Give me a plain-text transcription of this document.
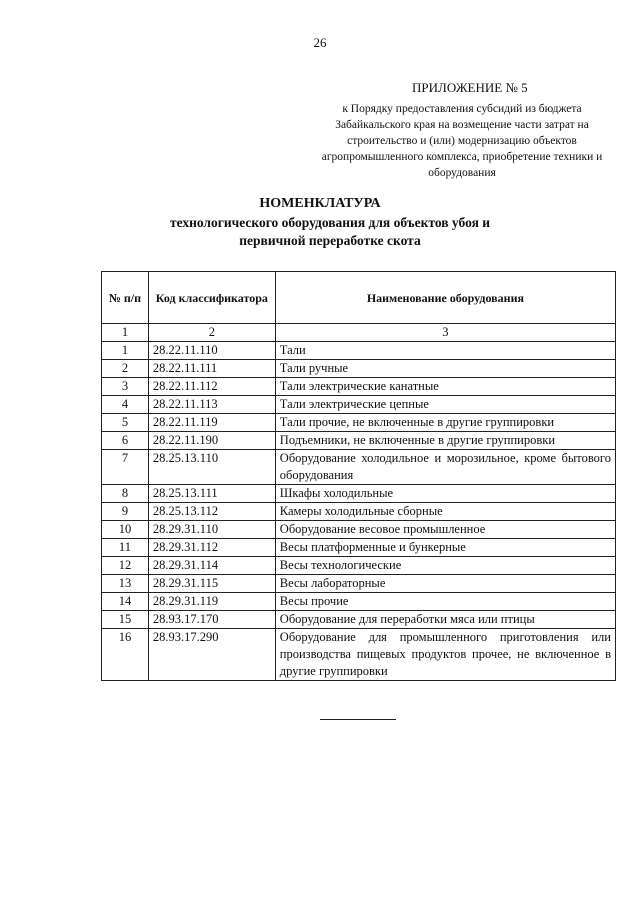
26
ПРИЛОЖЕНИЕ № 5
к Порядку предоставления субсидий из бюджета Забайкальского края на возмещение части затрат на строительство и (или) модернизацию объектов агропромышленного комплекса, приобретение техники и оборудования
НОМЕНКЛАТУРА
технологического оборудования для объектов убоя и первичной переработке скота
№ п/п	Код классификатора	Наименование оборудования
1	2	3
1	28.22.11.110	Тали
2	28.22.11.111	Тали ручные
3	28.22.11.112	Тали электрические канатные
4	28.22.11.113	Тали электрические цепные
5	28.22.11.119	Тали прочие, не включенные в другие группировки
6	28.22.11.190	Подъемники, не включенные в другие группировки
7	28.25.13.110	Оборудование холодильное и морозильное, кроме бытового оборудования
8	28.25.13.111	Шкафы холодильные
9	28.25.13.112	Камеры холодильные сборные
10	28.29.31.110	Оборудование весовое промышленное
11	28.29.31.112	Весы платформенные и бункерные
12	28.29.31.114	Весы технологические
13	28.29.31.115	Весы лабораторные
14	28.29.31.119	Весы прочие
15	28.93.17.170	Оборудование для переработки мяса или птицы
16	28.93.17.290	Оборудование для промышленного приготовления или производства пищевых продуктов прочее, не включенное в другие группировки
